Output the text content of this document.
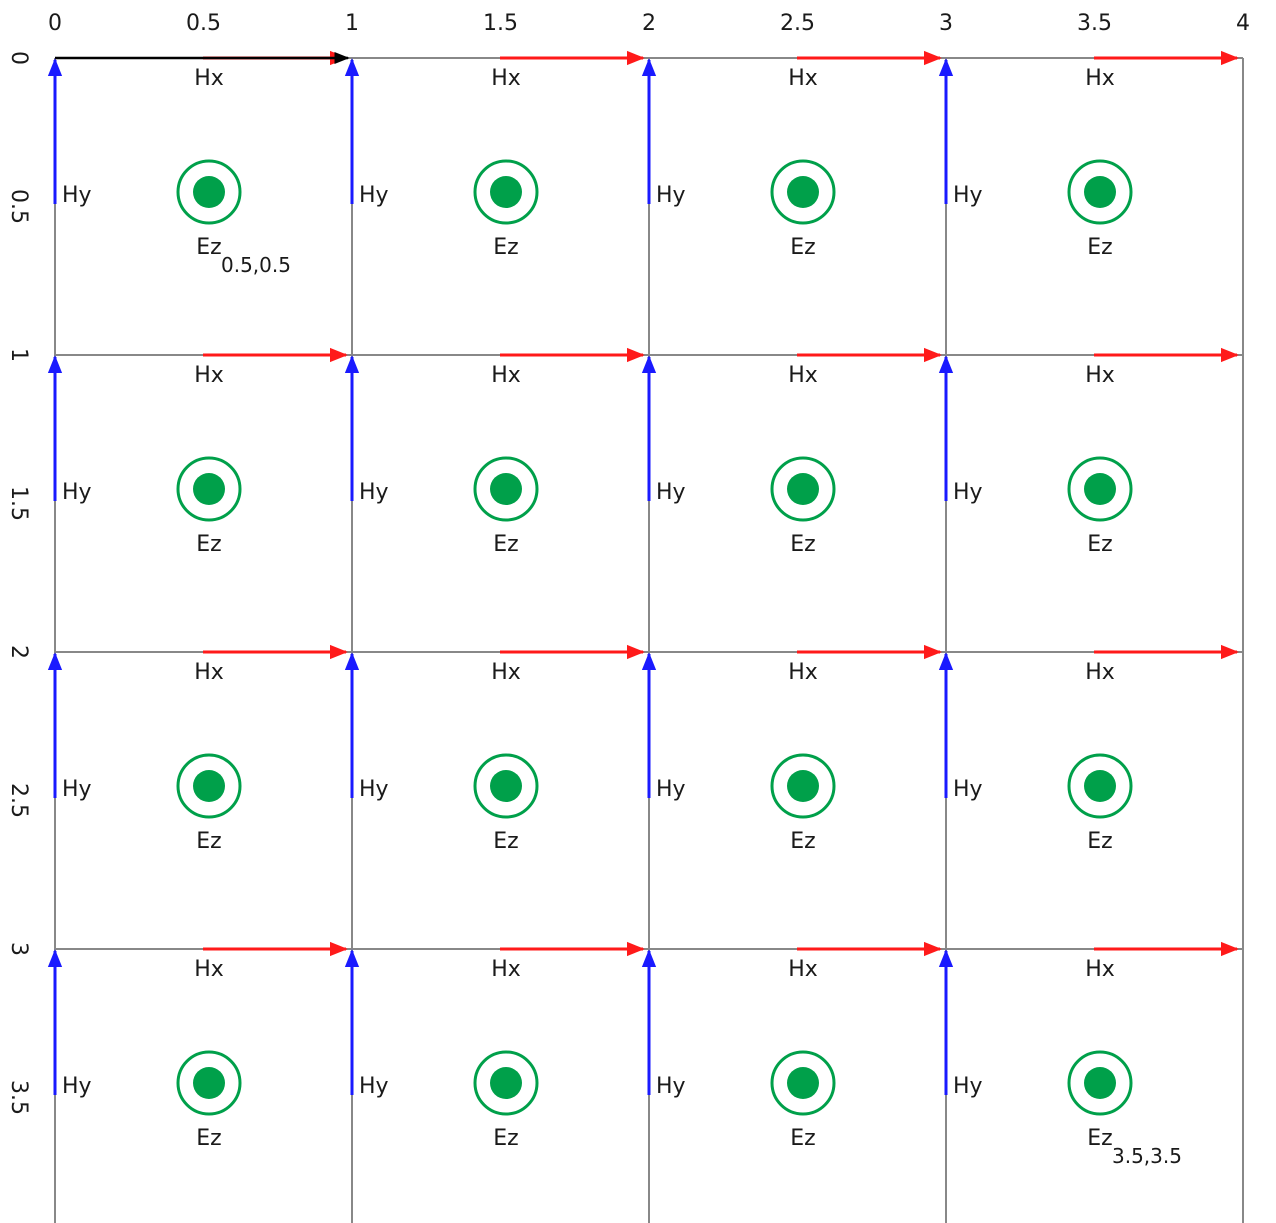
Hx	Hx	Hx	Hx
Hx	Hx	Hx	Hx
Hx	Hx	Hx	Hx
Hx	Hx	Hx	Hx
Hy	Hy	Hy	Hy
Hy	Hy	Hy	Hy
Hy	Hy	Hy	Hy
Hy	Hy	Hy	Hy
Ez	Ez	Ez	Ez
Ez	Ez	Ez	Ez
Ez	Ez	Ez	Ez
Ez	Ez	Ez	Ez
0.5,0.5
3.5,3.5
0	0.5	1	1.5	2	2.5	3	3.5	4
0
0.5
1
1.5
2
2.5
3
3.5
